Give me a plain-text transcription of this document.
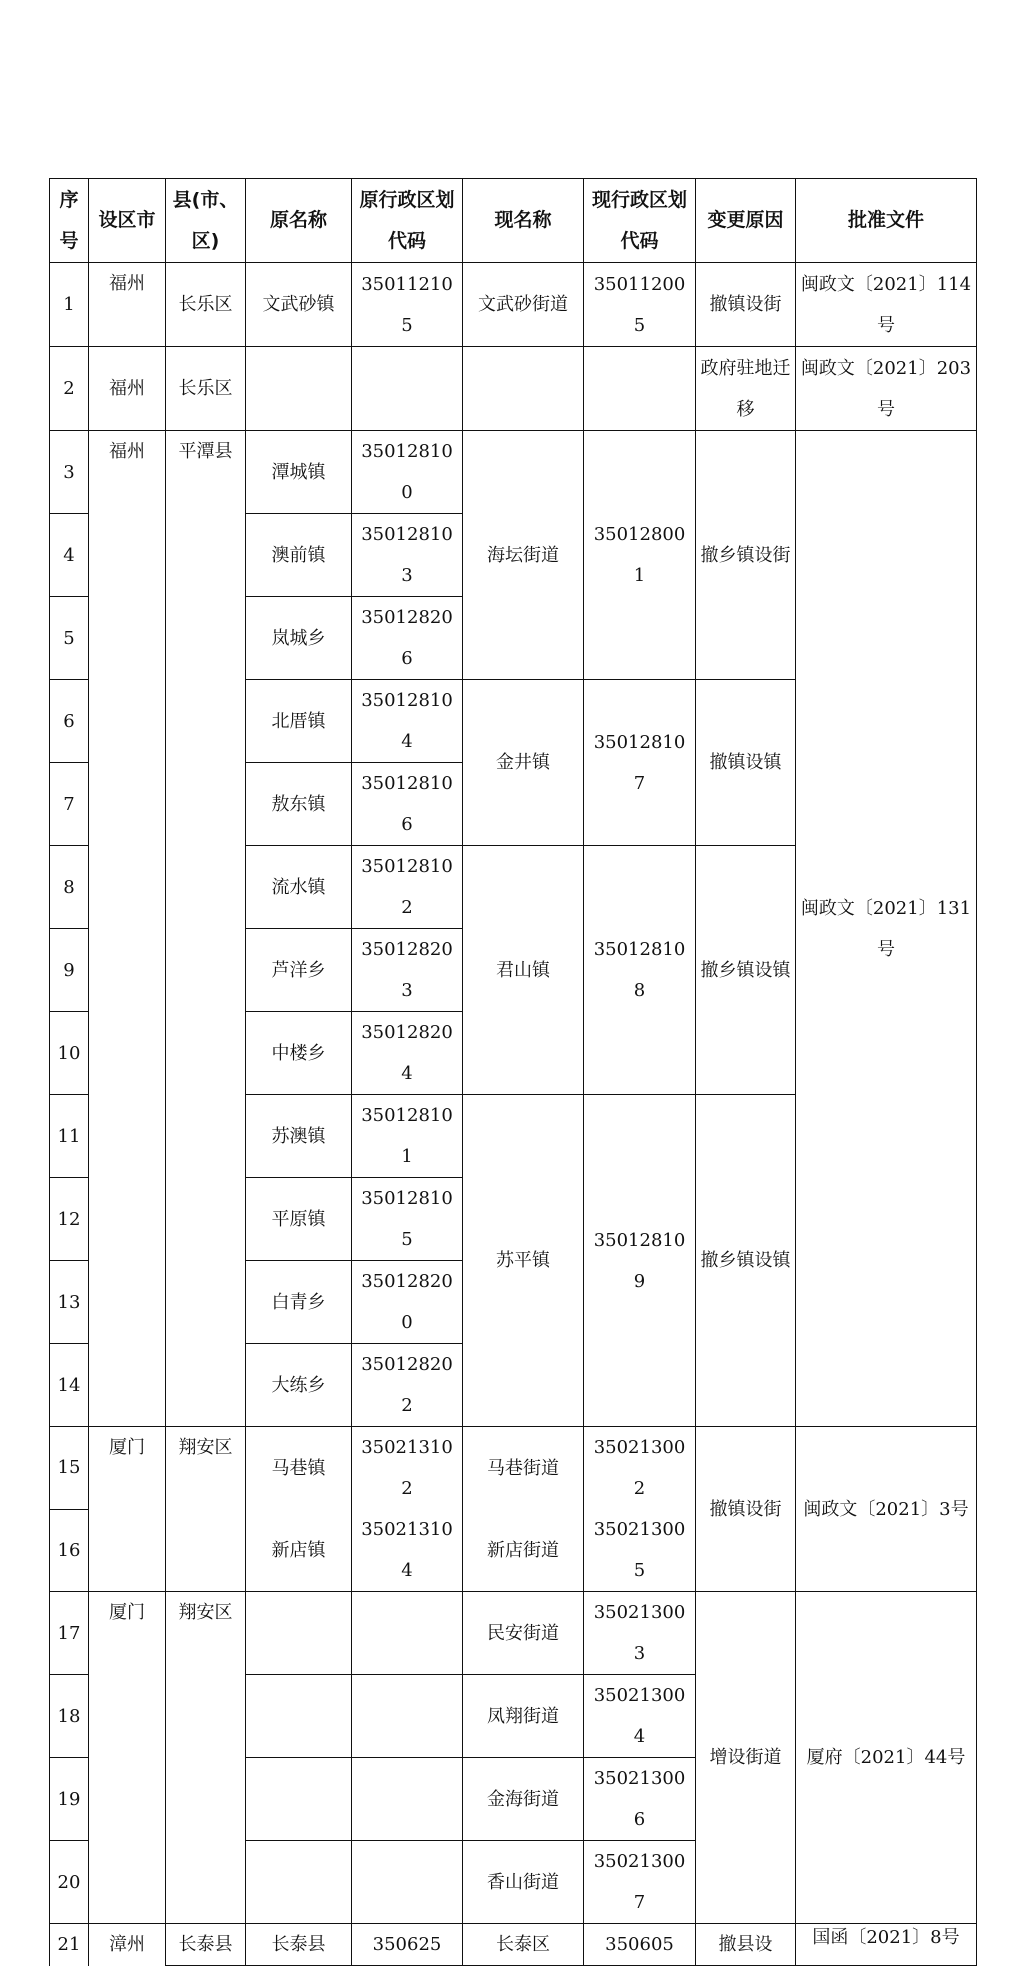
序号	设区市	县(市、区)	原名称	原行政区划代码	现名称	现行政区划代码	变更原因	批准文件
1	福州	长乐区	文武砂镇	350112105	文武砂街道	350112005	撤镇设街	闽政文〔2021〕114号
2	福州	长乐区					政府驻地迁移	闽政文〔2021〕203号
3	福州	平潭县	潭城镇	350128100	海坛街道	350128001	撤乡镇设街	闽政文〔2021〕131号
4			澳前镇	350128103				
5			岚城乡	350128206				
6			北厝镇	350128104	金井镇	350128107	撤镇设镇	
7			敖东镇	350128106				
8			流水镇	350128102	君山镇	350128108	撤乡镇设镇	
9			芦洋乡	350128203				
10			中楼乡	350128204				
11			苏澳镇	350128101	苏平镇	350128109	撤乡镇设镇	
12			平原镇	350128105				
13			白青乡	350128200				
14			大练乡	350128202				
15	厦门	翔安区	马巷镇	350213102	马巷街道	350213002	撤镇设街	闽政文〔2021〕3号
16			新店镇	350213104	新店街道	350213005		
17	厦门	翔安区			民安街道	350213003	增设街道	厦府〔2021〕44号
18					凤翔街道	350213004		
19					金海街道	350213006		
20					香山街道	350213007		
21	漳州	长泰县	长泰县	350625	长泰区	350605	撤县设	国函〔2021〕8号
